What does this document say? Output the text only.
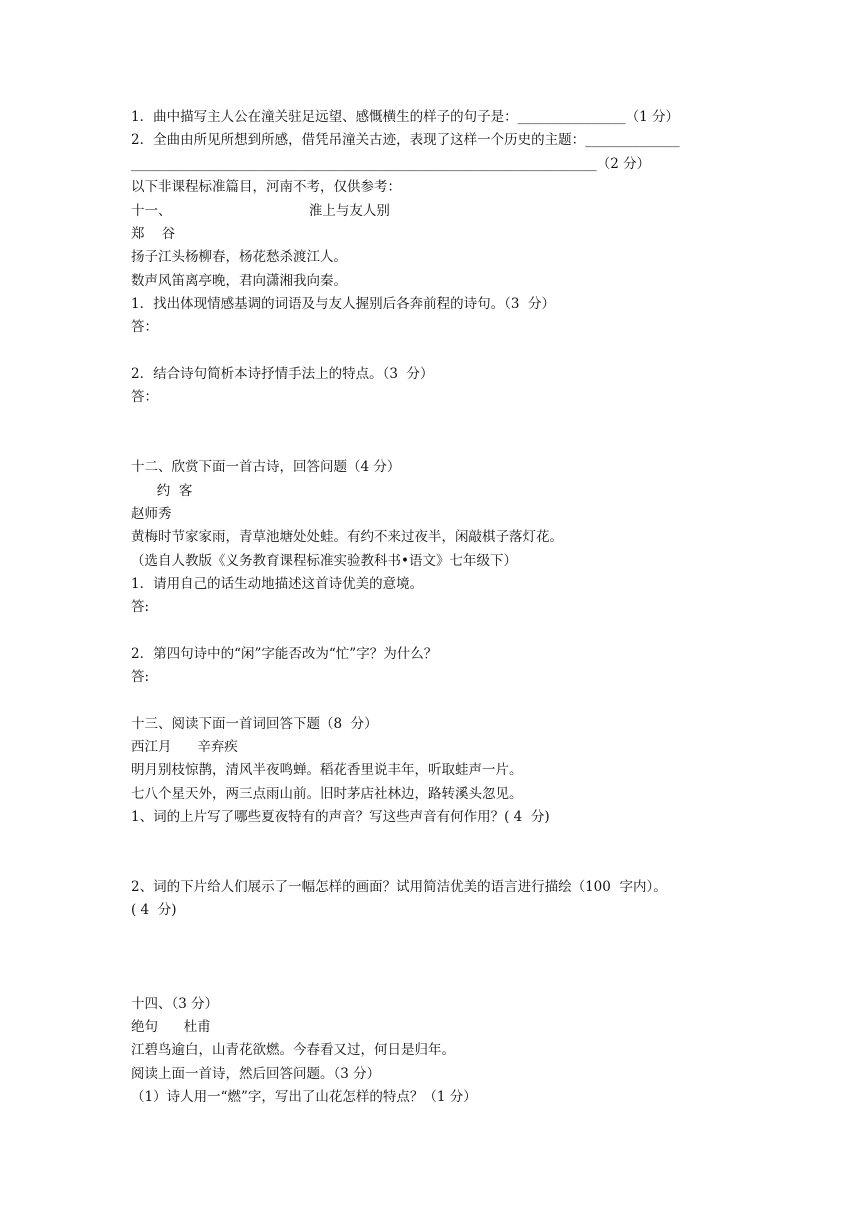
1．曲中描写主人公在潼关驻足远望、感慨横生的样子的句子是：________________（1 分）
2．全曲由所见所想到所感，借凭吊潼关古迹，表现了这样一个历史的主题：______________
_____________________________________________________________________（2 分）
以下非课程标准篇目，河南不考，仅供参考：
十一、                                淮上与友人别
郑    谷
扬子江头杨柳春，杨花愁杀渡江人。
数声风笛离亭晚，君向潇湘我向秦。
1．找出体现情感基调的词语及与友人握别后各奔前程的诗句。（3  分）
答：
2．结合诗句简析本诗抒情手法上的特点。（3  分）
答：
十二、欣赏下面一首古诗，回答问题（4 分）
约  客
赵师秀
黄梅时节家家雨，青草池塘处处蛙。有约不来过夜半，闲敲棋子落灯花。
（选自人教版《义务教育课程标准实验教科书•语文》七年级下）
1．请用自己的话生动地描述这首诗优美的意境。
答:
2．第四句诗中的“闲”字能否改为“忙”字？为什么？
答:
十三、阅读下面一首词回答下题（8  分）
西江月      辛弃疾
明月别枝惊鹊，清风半夜鸣蝉。稻花香里说丰年，听取蛙声一片。
七八个星天外，两三点雨山前。旧时茅店社林边，路转溪头忽见。
1、词的上片写了哪些夏夜特有的声音？写这些声音有何作用？( 4  分)
2、词的下片给人们展示了一幅怎样的画面？试用简洁优美的语言进行描绘（100  字内）。
( 4  分)
十四、（3 分）
绝句      杜甫
江碧鸟逾白，山青花欲燃。今春看又过，何日是归年。
阅读上面一首诗，然后回答问题。（3 分）
（1）诗人用一“燃”字，写出了山花怎样的特点？（1 分）
